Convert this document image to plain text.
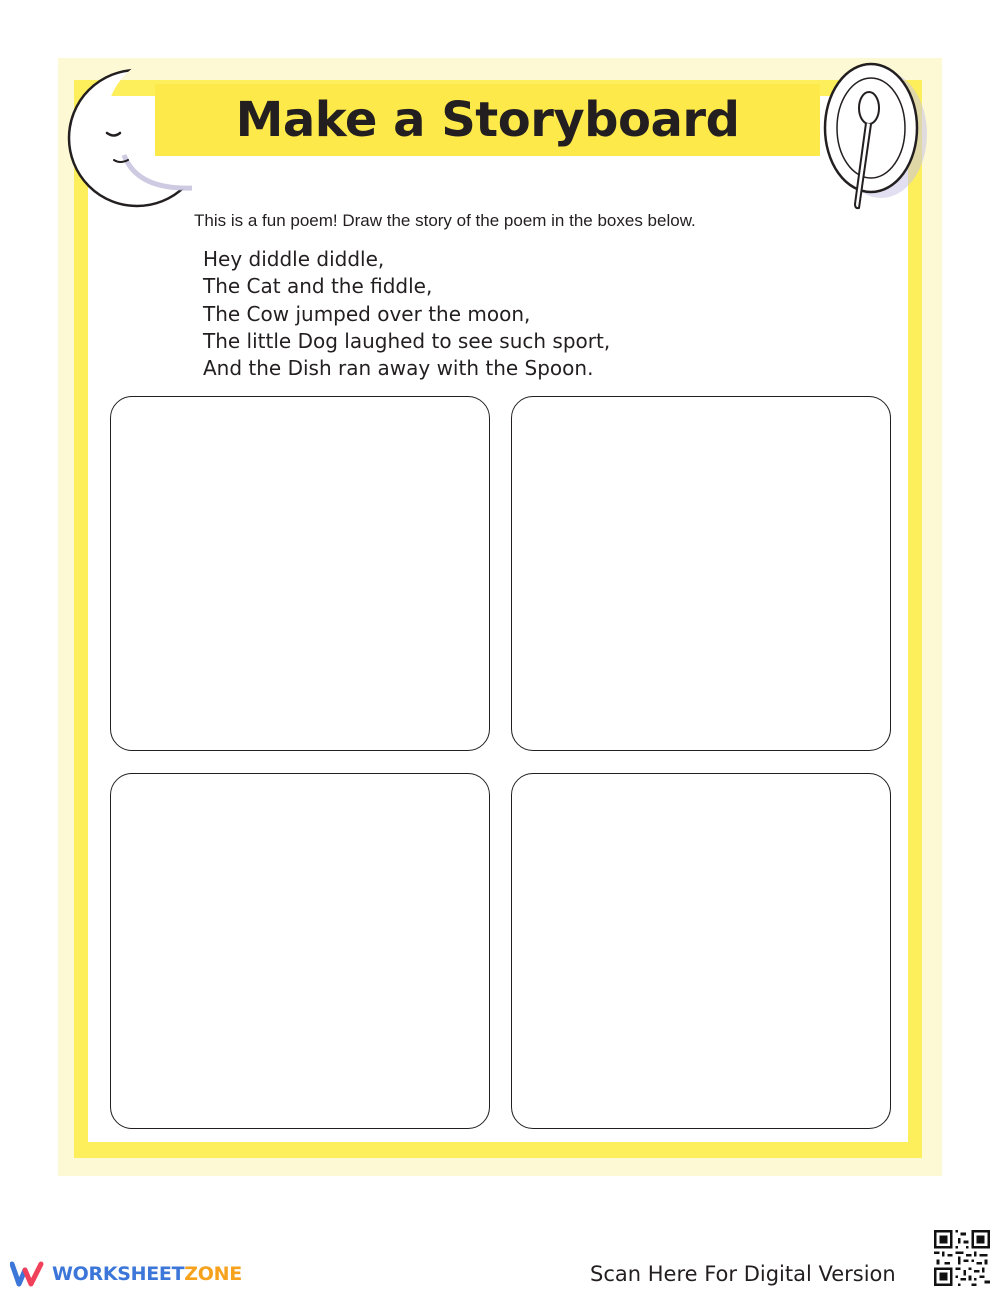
Make a Storyboard
This is a fun poem! Draw the story of the poem in the boxes below.
Hey diddle diddle,
The Cat and the fiddle,
The Cow jumped over the moon,
The little Dog laughed to see such sport,
And the Dish ran away with the Spoon.
WORKSHEETZONE	Scan Here For Digital Version
